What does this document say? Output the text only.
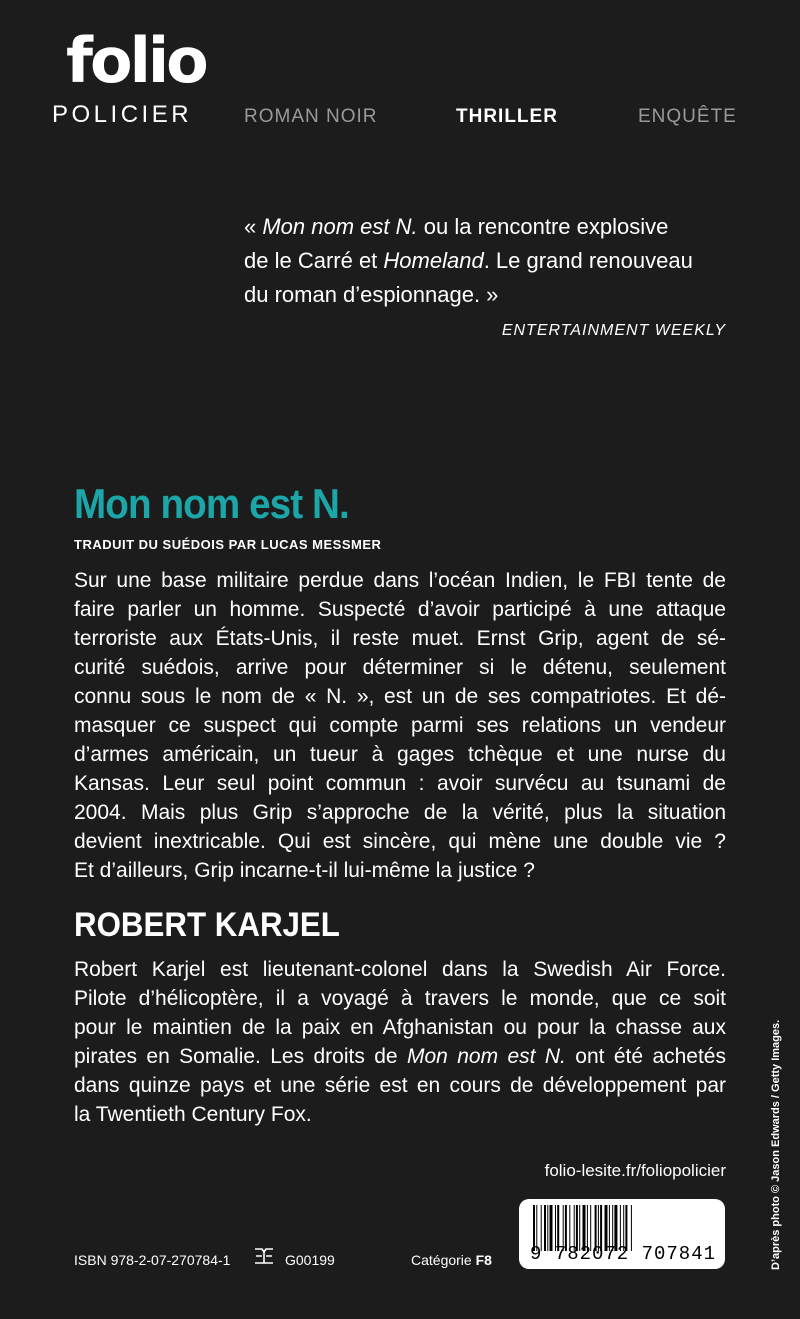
folio
POLICIER	ROMAN NOIR	THRILLER	ENQUÊTE
« Mon nom est N. ou la rencontre explosive
de le Carré et Homeland. Le grand renouveau
du roman d’espionnage. »
ENTERTAINMENT WEEKLY
Mon nom est N.
TRADUIT DU SUÉDOIS PAR LUCAS MESSMER
Sur une base militaire perdue dans l’océan Indien, le FBI tente de
faire parler un homme. Suspecté d’avoir participé à une attaque
terroriste aux États-Unis, il reste muet. Ernst Grip, agent de sé-
curité suédois, arrive pour déterminer si le détenu, seulement
connu sous le nom de « N. », est un de ses compatriotes. Et dé-
masquer ce suspect qui compte parmi ses relations un vendeur
d’armes américain, un tueur à gages tchèque et une nurse du
Kansas. Leur seul point commun : avoir survécu au tsunami de
2004. Mais plus Grip s’approche de la vérité, plus la situation
devient inextricable. Qui est sincère, qui mène une double vie ?
Et d’ailleurs, Grip incarne-t-il lui-même la justice ?
ROBERT KARJEL
Robert Karjel est lieutenant-colonel dans la Swedish Air Force.
Pilote d’hélicoptère, il a voyagé à travers le monde, que ce soit
pour le maintien de la paix en Afghanistan ou pour la chasse aux
pirates en Somalie. Les droits de Mon nom est N. ont été achetés
dans quinze pays et une série est en cours de développement par
la Twentieth Century Fox.
folio-lesite.fr/foliopolicier
9 782072 707841
ISBN 978-2-07-270784-1	G00199	Catégorie F8	D’après photo © Jason Edwards / Getty Images.
